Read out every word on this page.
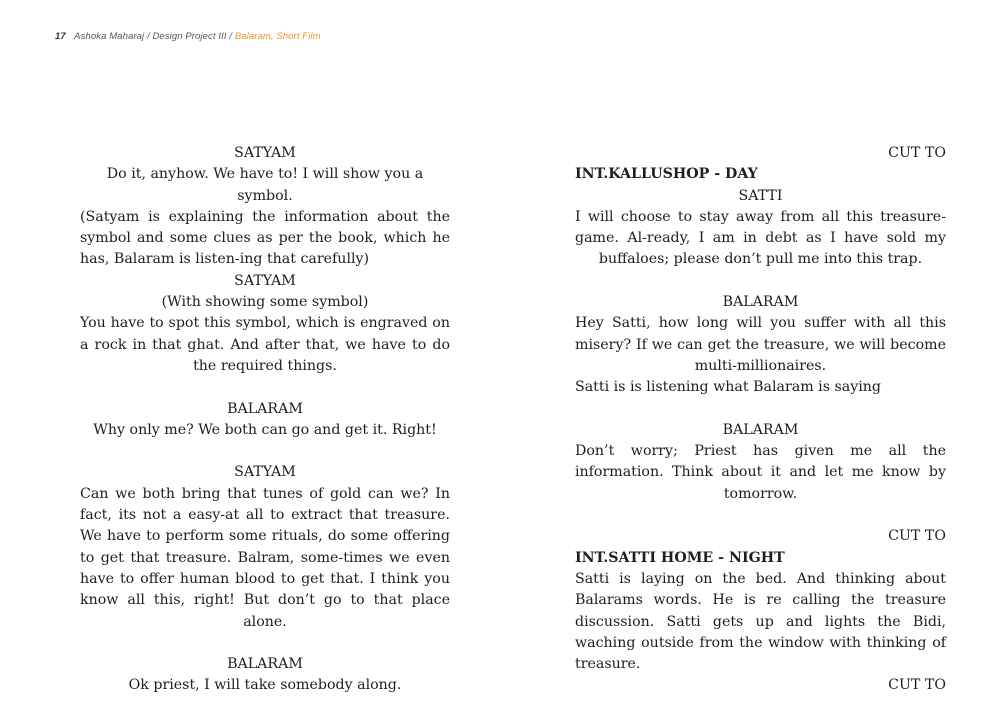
17 Ashoka Maharaj / Design Project III / Balaram, Short Film

SATYAM

Do it, anyhow. We have to! I will show you a symbol.

(Satyam is explaining the information about the symbol and some clues as per the book, which he has, Balaram is listen-ing that carefully)

SATYAM

(With showing some symbol)

You have to spot this symbol, which is engraved on a rock in that ghat. And after that, we have to do the required things.

BALARAM

Why only me? We both can go and get it. Right!

SATYAM

Can we both bring that tunes of gold can we? In fact, its not a easy-at all to extract that treasure. We have to perform some rituals, do some offering to get that treasure. Balram, some-times we even have to offer human blood to get that. I think you know all this, right! But don’t go to that place alone.

BALARAM

Ok priest, I will take somebody along.

CUT TO

INT.KALLUSHOP - DAY

SATTI

I will choose to stay away from all this treasure-game. Al-ready, I am in debt as I have sold my buffaloes; please don’t pull me into this trap.

BALARAM

Hey Satti, how long will you suffer with all this misery? If we can get the treasure, we will become multi-millionaires.

Satti is is listening what Balaram is saying

BALARAM

Don’t worry; Priest has given me all the information. Think about it and let me know by tomorrow.

CUT TO

INT.SATTI HOME - NIGHT

Satti is laying on the bed. And thinking about Balarams words. He is re calling the treasure discussion. Satti gets up and lights the Bidi, waching outside from the window with thinking of treasure.

CUT TO
